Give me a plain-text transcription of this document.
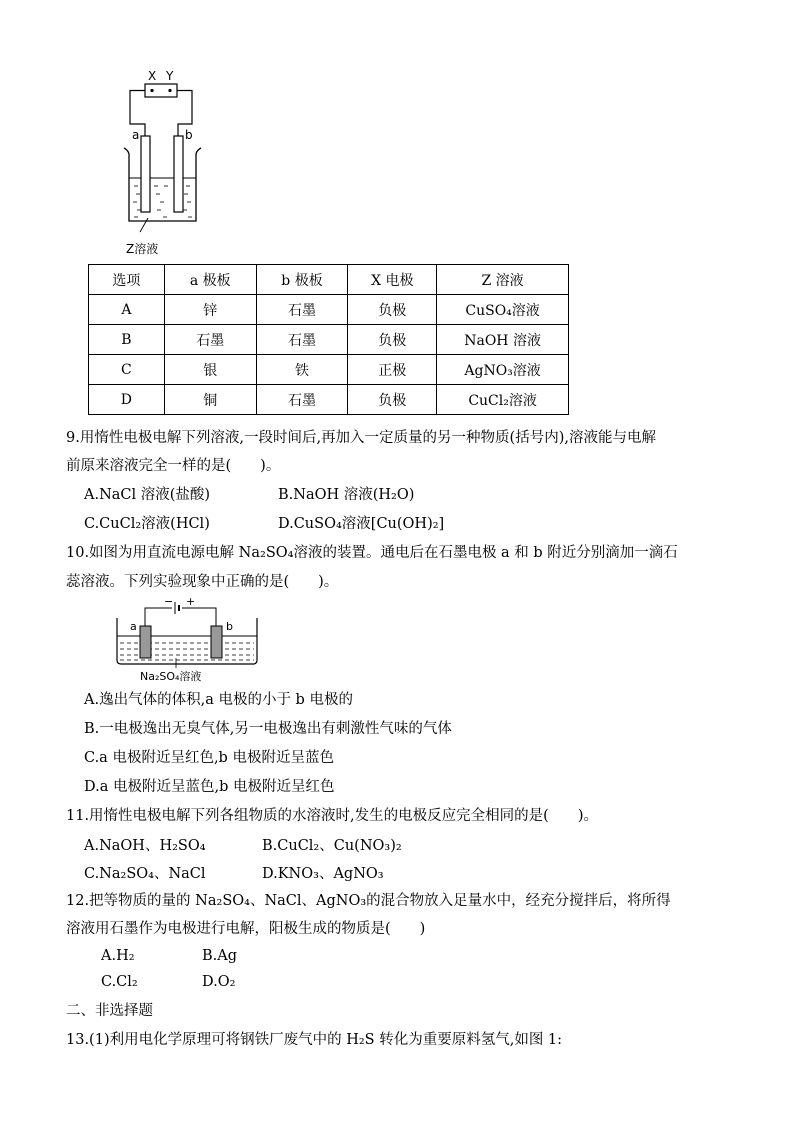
X Y
a	b
Z溶液
选项	a 极板	b 极板	X 电极	Z 溶液
A	锌	石墨	负极	CuSO₄溶液
B	石墨	石墨	负极	NaOH 溶液
C	银	铁	正极	AgNO₃溶液
D	铜	石墨	负极	CuCl₂溶液
9.用惰性电极电解下列溶液,一段时间后,再加入一定质量的另一种物质(括号内),溶液能与电解
前原来溶液完全一样的是(　　)。
A.NaCl 溶液(盐酸)	B.NaOH 溶液(H₂O)
C.CuCl₂溶液(HCl)	D.CuSO₄溶液[Cu(OH)₂]
10.如图为用直流电源电解 Na₂SO₄溶液的装置。通电后在石墨电极 a 和 b 附近分别滴加一滴石
蕊溶液。下列实验现象中正确的是(　　)。
− +
a	b
Na₂SO₄溶液
A.逸出气体的体积,a 电极的小于 b 电极的
B.一电极逸出无臭气体,另一电极逸出有刺激性气味的气体
C.a 电极附近呈红色,b 电极附近呈蓝色
D.a 电极附近呈蓝色,b 电极附近呈红色
11.用惰性电极电解下列各组物质的水溶液时,发生的电极反应完全相同的是(　　)。
A.NaOH、H₂SO₄	B.CuCl₂、Cu(NO₃)₂
C.Na₂SO₄、NaCl	D.KNO₃、AgNO₃
12.把等物质的量的 Na₂SO₄、NaCl、AgNO₃的混合物放入足量水中，经充分搅拌后，将所得
溶液用石墨作为电极进行电解，阳极生成的物质是(　　)
A.H₂	B.Ag
C.Cl₂	D.O₂
二、非选择题
13.(1)利用电化学原理可将钢铁厂废气中的 H₂S 转化为重要原料氢气,如图 1:
